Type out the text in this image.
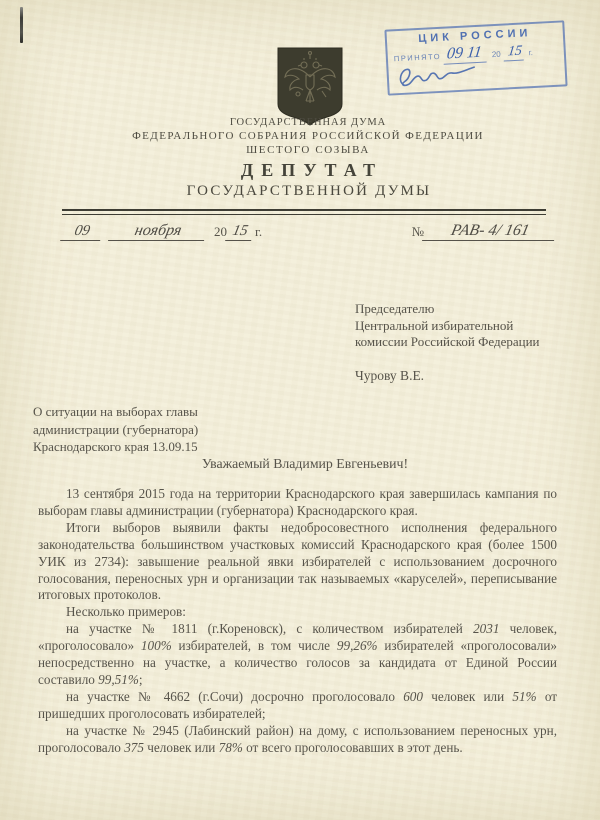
ЦИК РОССИИ
ПРИНЯТО 09 11	20 15 г.
ГОСУДАРСТВЕННАЯ ДУМА
ФЕДЕРАЛЬНОГО СОБРАНИЯ РОССИЙСКОЙ ФЕДЕРАЦИИ
ШЕСТОГО СОЗЫВА
ДЕПУТАТ
ГОСУДАРСТВЕННОЙ ДУМЫ
09	ноября	20 15 г.	№	РАВ- 4/ 161
Председателю
Центральной избирательной
комиссии Российской Федерации
Чурову В.Е.
О ситуации на выборах главы
администрации (губернатора)
Краснодарского края 13.09.15
Уважаемый Владимир Евгеньевич!

13 сентября 2015 года на территории Краснодарского края завершилась кампания по выборам главы администрации (губернатора) Краснодарского края.

Итоги выборов выявили факты недобросовестного исполнения федерального законодательства большинством участковых комиссий Краснодарского края (более 1500 УИК из 2734): завышение реальной явки избирателей с использованием досрочного голосования, переносных урн и организации так называемых «каруселей», переписывание итоговых протоколов.

Несколько примеров:

на участке № 1811 (г.Кореновск), с количеством избирателей 2031 человек, «проголосовало» 100% избирателей, в том числе 99,26% избирателей «проголосовали» непосредственно на участке, а количество голосов за кандидата от Единой России составило 99,51%;

на участке № 4662 (г.Сочи) досрочно проголосовало 600 человек или 51% от пришедших проголосовать избирателей;

на участке № 2945 (Лабинский район) на дому, с использованием переносных урн, проголосовало 375 человек или 78% от всего проголосовавших в этот день.
